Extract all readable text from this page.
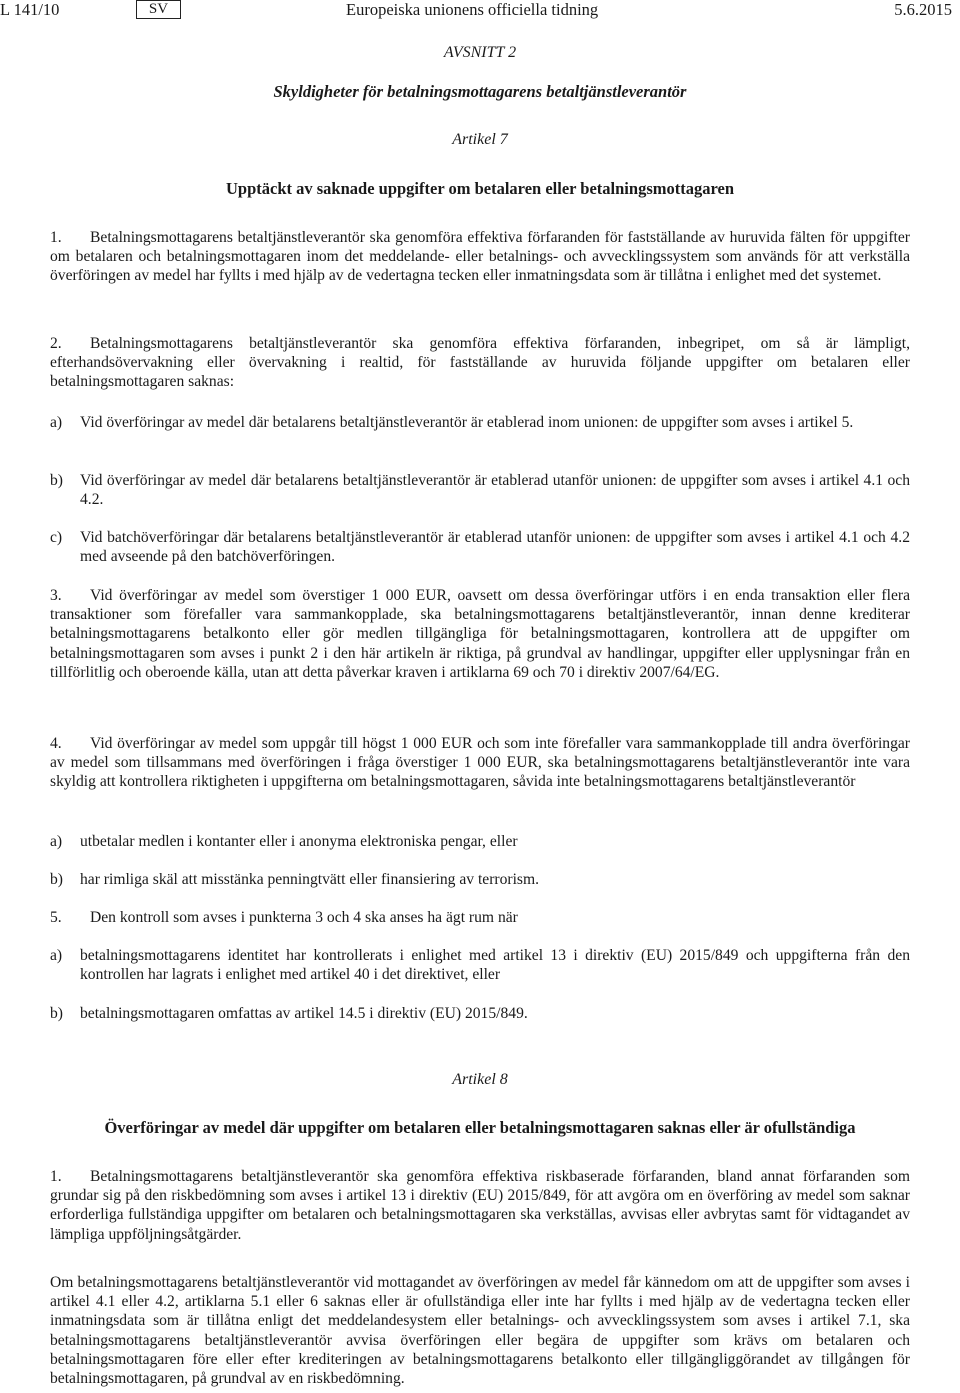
L 141/10	SV	Europeiska unionens officiella tidning	5.6.2015
AVSNITT 2
Skyldigheter för betalningsmottagarens betaltjänstleverantör
Artikel 7
Upptäckt av saknade uppgifter om betalaren eller betalningsmottagaren
1. Betalningsmottagarens betaltjänstleverantör ska genomföra effektiva förfaranden för fastställande av huruvida fälten för uppgifter om betalaren och betalningsmottagaren inom det meddelande- eller betalnings- och avvecklingssystem som används för att verkställa överföringen av medel har fyllts i med hjälp av de vedertagna tecken eller inmatningsdata som är tillåtna i enlighet med det systemet.
2. Betalningsmottagarens betaltjänstleverantör ska genomföra effektiva förfaranden, inbegripet, om så är lämpligt, efterhandsövervakning eller övervakning i realtid, för fastställande av huruvida följande uppgifter om betalaren eller betalningsmottagaren saknas:
a) Vid överföringar av medel där betalarens betaltjänstleverantör är etablerad inom unionen: de uppgifter som avses i artikel 5.
b) Vid överföringar av medel där betalarens betaltjänstleverantör är etablerad utanför unionen: de uppgifter som avses i artikel 4.1 och 4.2.
c) Vid batchöverföringar där betalarens betaltjänstleverantör är etablerad utanför unionen: de uppgifter som avses i artikel 4.1 och 4.2 med avseende på den batchöverföringen.
3. Vid överföringar av medel som överstiger 1 000 EUR, oavsett om dessa överföringar utförs i en enda transaktion eller flera transaktioner som förefaller vara sammankopplade, ska betalningsmottagarens betaltjänstleverantör, innan denne krediterar betalningsmottagarens betalkonto eller gör medlen tillgängliga för betalningsmottagaren, kontrollera att de uppgifter om betalningsmottagaren som avses i punkt 2 i den här artikeln är riktiga, på grundval av handlingar, uppgifter eller upplysningar från en tillförlitlig och oberoende källa, utan att detta påverkar kraven i artiklarna 69 och 70 i direktiv 2007/64/EG.
4. Vid överföringar av medel som uppgår till högst 1 000 EUR och som inte förefaller vara sammankopplade till andra överföringar av medel som tillsammans med överföringen i fråga överstiger 1 000 EUR, ska betalningsmottagarens betaltjänstleverantör inte vara skyldig att kontrollera riktigheten i uppgifterna om betalningsmottagaren, såvida inte betalningsmottagarens betaltjänstleverantör
a) utbetalar medlen i kontanter eller i anonyma elektroniska pengar, eller
b) har rimliga skäl att misstänka penningtvätt eller finansiering av terrorism.
5. Den kontroll som avses i punkterna 3 och 4 ska anses ha ägt rum när
a) betalningsmottagarens identitet har kontrollerats i enlighet med artikel 13 i direktiv (EU) 2015/849 och uppgifterna från den kontrollen har lagrats i enlighet med artikel 40 i det direktivet, eller
b) betalningsmottagaren omfattas av artikel 14.5 i direktiv (EU) 2015/849.
Artikel 8
Överföringar av medel där uppgifter om betalaren eller betalningsmottagaren saknas eller är ofullständiga
1. Betalningsmottagarens betaltjänstleverantör ska genomföra effektiva riskbaserade förfaranden, bland annat förfaranden som grundar sig på den riskbedömning som avses i artikel 13 i direktiv (EU) 2015/849, för att avgöra om en överföring av medel som saknar erforderliga fullständiga uppgifter om betalaren och betalningsmottagaren ska verkställas, avvisas eller avbrytas samt för vidtagandet av lämpliga uppföljningsåtgärder.
Om betalningsmottagarens betaltjänstleverantör vid mottagandet av överföringen av medel får kännedom om att de uppgifter som avses i artikel 4.1 eller 4.2, artiklarna 5.1 eller 6 saknas eller är ofullständiga eller inte har fyllts i med hjälp av de vedertagna tecken eller inmatningsdata som är tillåtna enligt det meddelandesystem eller betalnings- och avvecklingssystem som avses i artikel 7.1, ska betalningsmottagarens betaltjänstleverantör avvisa överföringen eller begära de uppgifter som krävs om betalaren och betalningsmottagaren före eller efter krediteringen av betalningsmottagarens betalkonto eller tillgängliggörandet av tillgången för betalningsmottagaren, på grundval av en riskbedömning.
